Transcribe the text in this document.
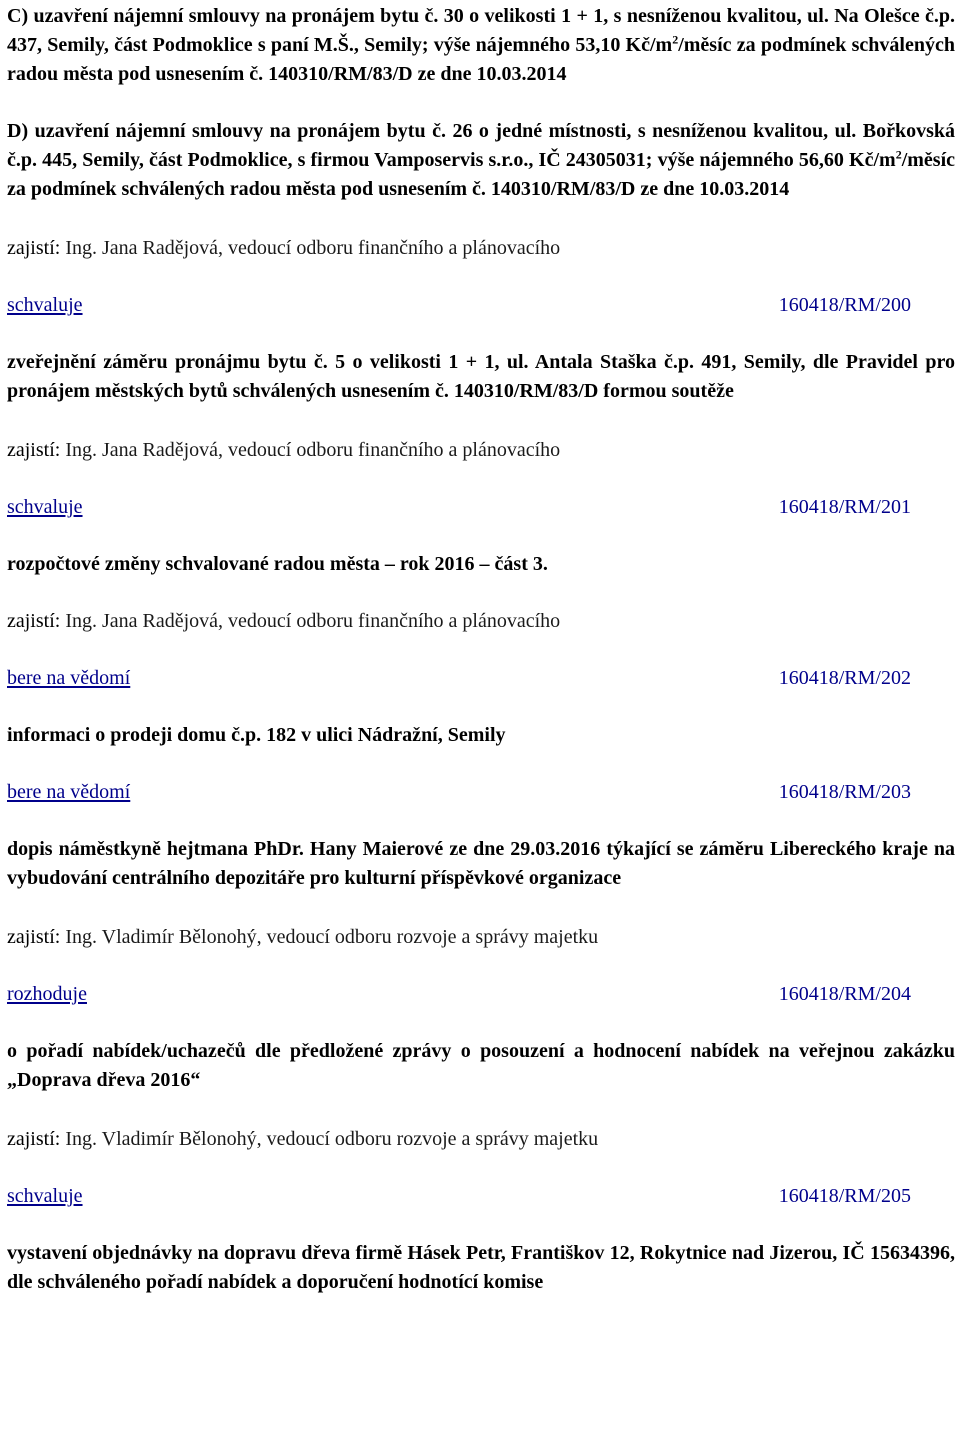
C) uzavření nájemní smlouvy na pronájem bytu č. 30 o velikosti 1 + 1, s nesníženou kvalitou, ul. Na Olešce č.p. 437, Semily, část Podmoklice s paní M.Š., Semily; výše nájemného 53,10 $Kč/m^2$/měsíc za podmínek schválených radou města pod usnesením č. 140310/RM/83/D ze dne 10.03.2014

D) uzavření nájemní smlouvy na pronájem bytu č. 26 o jedné místnosti, s nesníženou kvalitou, ul. Bořkovská č.p. 445, Semily, část Podmoklice, s firmou Vamposervis s.r.o., IČ 24305031; výše nájemného 56,60 $Kč/m^2$/měsíc za podmínek schválených radou města pod usnesením č. 140310/RM/83/D ze dne 10.03.2014

zajistí: Ing. Jana Radějová, vedoucí odboru finančního a plánovacího

schvaluje	160418/RM/200

zveřejnění záměru pronájmu bytu č. 5 o velikosti 1 + 1, ul. Antala Staška č.p. 491, Semily, dle Pravidel pro pronájem městských bytů schválených usnesením č. 140310/RM/83/D formou soutěže

zajistí: Ing. Jana Radějová, vedoucí odboru finančního a plánovacího

schvaluje	160418/RM/201

rozpočtové změny schvalované radou města – rok 2016 – část 3.

zajistí: Ing. Jana Radějová, vedoucí odboru finančního a plánovacího

bere na vědomí	160418/RM/202

informaci o prodeji domu č.p. 182 v ulici Nádražní, Semily

bere na vědomí	160418/RM/203

dopis náměstkyně hejtmana PhDr. Hany Maierové ze dne 29.03.2016 týkající se záměru Libereckého kraje na vybudování centrálního depozitáře pro kulturní příspěvkové organizace

zajistí: Ing. Vladimír Bělonohý, vedoucí odboru rozvoje a správy majetku

rozhoduje	160418/RM/204

o pořadí nabídek/uchazečů dle předložené zprávy o posouzení a hodnocení nabídek na veřejnou zakázku „Doprava dřeva 2016“

zajistí: Ing. Vladimír Bělonohý, vedoucí odboru rozvoje a správy majetku

schvaluje	160418/RM/205

vystavení objednávky na dopravu dřeva firmě Hásek Petr, Františkov 12, Rokytnice nad Jizerou, IČ 15634396, dle schváleného pořadí nabídek a doporučení hodnotící komise
